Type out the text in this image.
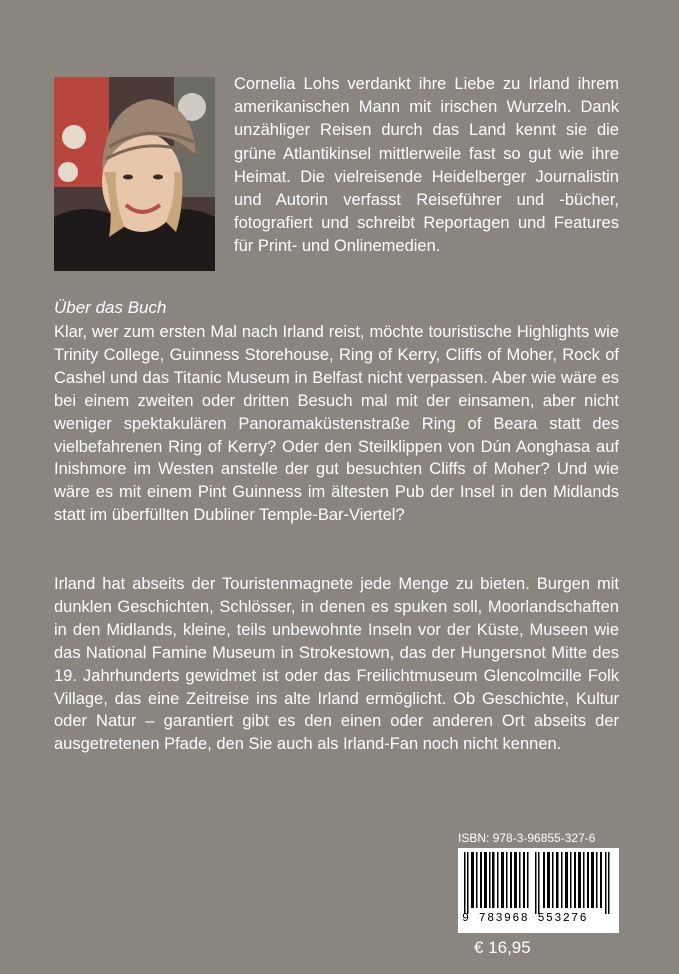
Cornelia Lohs verdankt ihre Liebe zu Irland ihrem amerikanischen Mann mit irischen Wurzeln. Dank unzähliger Reisen durch das Land kennt sie die grüne Atlantikinsel mittlerweile fast so gut wie ihre Heimat. Die vielreisende Heidelberger Journalistin und Autorin verfasst Reiseführer und -bücher, fotografiert und schreibt Reportagen und Features für Print- und Onlinemedien.

Über das Buch

Klar, wer zum ersten Mal nach Irland reist, möchte touristische Highlights wie Trinity College, Guinness Storehouse, Ring of Kerry, Cliffs of Moher, Rock of Cashel und das Titanic Museum in Belfast nicht verpassen. Aber wie wäre es bei einem zweiten oder dritten Besuch mal mit der einsamen, aber nicht weniger spektakulären Panoramaküstenstraße Ring of Beara statt des vielbefahrenen Ring of Kerry? Oder den Steilklippen von Dún Aonghasa auf Inishmore im Westen anstelle der gut besuchten Cliffs of Moher? Und wie wäre es mit einem Pint Guinness im ältesten Pub der Insel in den Midlands statt im überfüllten Dubliner Temple-Bar-Viertel?

Irland hat abseits der Touristenmagnete jede Menge zu bieten. Burgen mit dunklen Geschichten, Schlösser, in denen es spuken soll, Moorlandschaften in den Midlands, kleine, teils unbewohnte Inseln vor der Küste, Museen wie das National Famine Museum in Strokestown, das der Hungersnot Mitte des 19. Jahrhunderts gewidmet ist oder das Freilichtmuseum Glencolmcille Folk Village, das eine Zeitreise ins alte Irland ermöglicht. Ob Geschichte, Kultur oder Natur – garantiert gibt es den einen oder anderen Ort abseits der ausgetretenen Pfade, den Sie auch als Irland-Fan noch nicht kennen.

ISBN: 978-3-96855-327-6

9 783968 553276

€ 16,95
